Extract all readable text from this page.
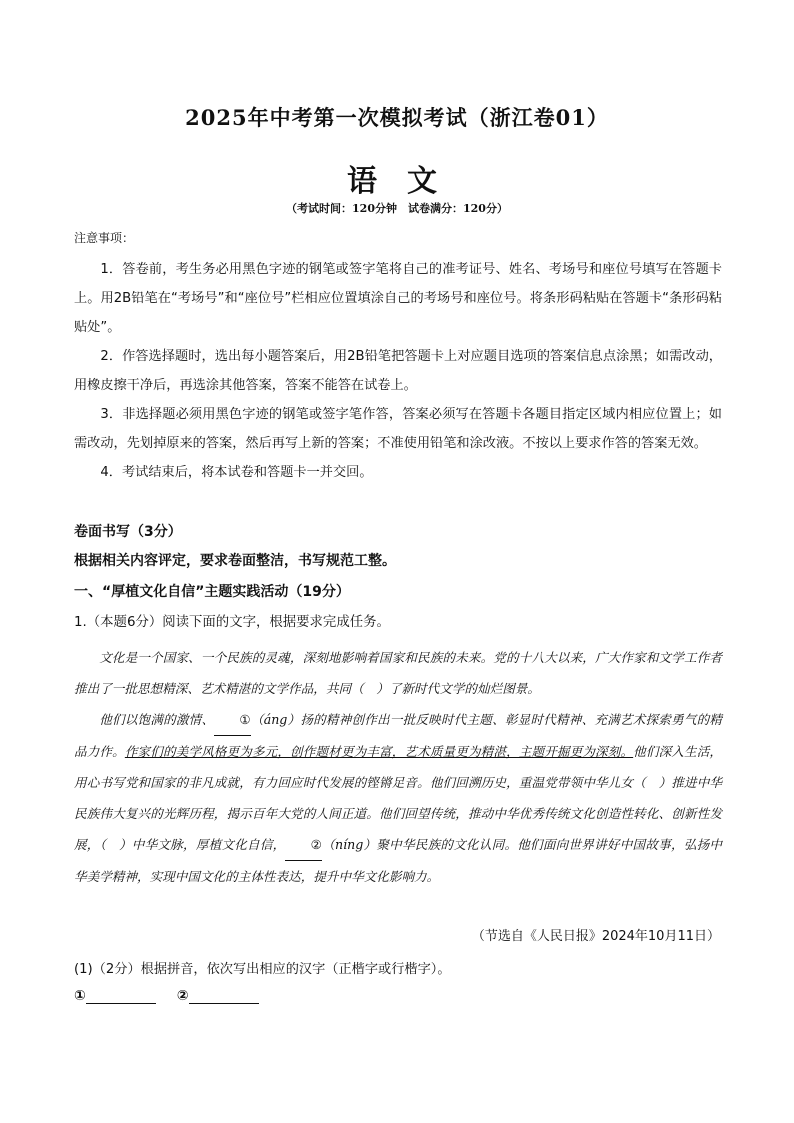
2025年中考第一次模拟考试（浙江卷01）
语文
（考试时间：120分钟　试卷满分：120分）
注意事项：

1．答卷前，考生务必用黑色字迹的钢笔或签字笔将自己的准考证号、姓名、考场号和座位号填写在答题卡上。用2B铅笔在“考场号”和“座位号”栏相应位置填涂自己的考场号和座位号。将条形码粘贴在答题卡“条形码粘贴处”。

2．作答选择题时，选出每小题答案后，用2B铅笔把答题卡上对应题目选项的答案信息点涂黑；如需改动，用橡皮擦干净后，再选涂其他答案，答案不能答在试卷上。

3．非选择题必须用黑色字迹的钢笔或签字笔作答，答案必须写在答题卡各题目指定区域内相应位置上；如需改动，先划掉原来的答案，然后再写上新的答案；不准使用铅笔和涂改液。不按以上要求作答的答案无效。

4．考试结束后，将本试卷和答题卡一并交回。

卷面书写（3分）
根据相关内容评定，要求卷面整洁，书写规范工整。
一、“厚植文化自信”主题实践活动（19分）
1.（本题6分）阅读下面的文字，根据要求完成任务。

文化是一个国家、一个民族的灵魂，深刻地影响着国家和民族的未来。党的十八大以来，广大作家和文学工作者推出了一批思想精深、艺术精湛的文学作品，共同（　）了新时代文学的灿烂图景。

他们以饱满的激情、 ①（áng）扬的精神创作出一批反映时代主题、彰显时代精神、充满艺术探索勇气的精品力作。作家们的美学风格更为多元，创作题材更为丰富，艺术质量更为精湛，主题开掘更为深刻。他们深入生活，用心书写党和国家的非凡成就，有力回应时代发展的铿锵足音。他们回溯历史，重温党带领中华儿女（　）推进中华民族伟大复兴的光辉历程，揭示百年大党的人间正道。他们回望传统，推动中华优秀传统文化创造性转化、创新性发展，（　）中华文脉，厚植文化自信， ②（níng）聚中华民族的文化认同。他们面向世界讲好中国故事，弘扬中华美学精神，实现中国文化的主体性表达，提升中华文化影响力。

（节选自《人民日报》2024年10月11日）
(1)（2分）根据拼音，依次写出相应的汉字（正楷字或行楷字）。
①	②
